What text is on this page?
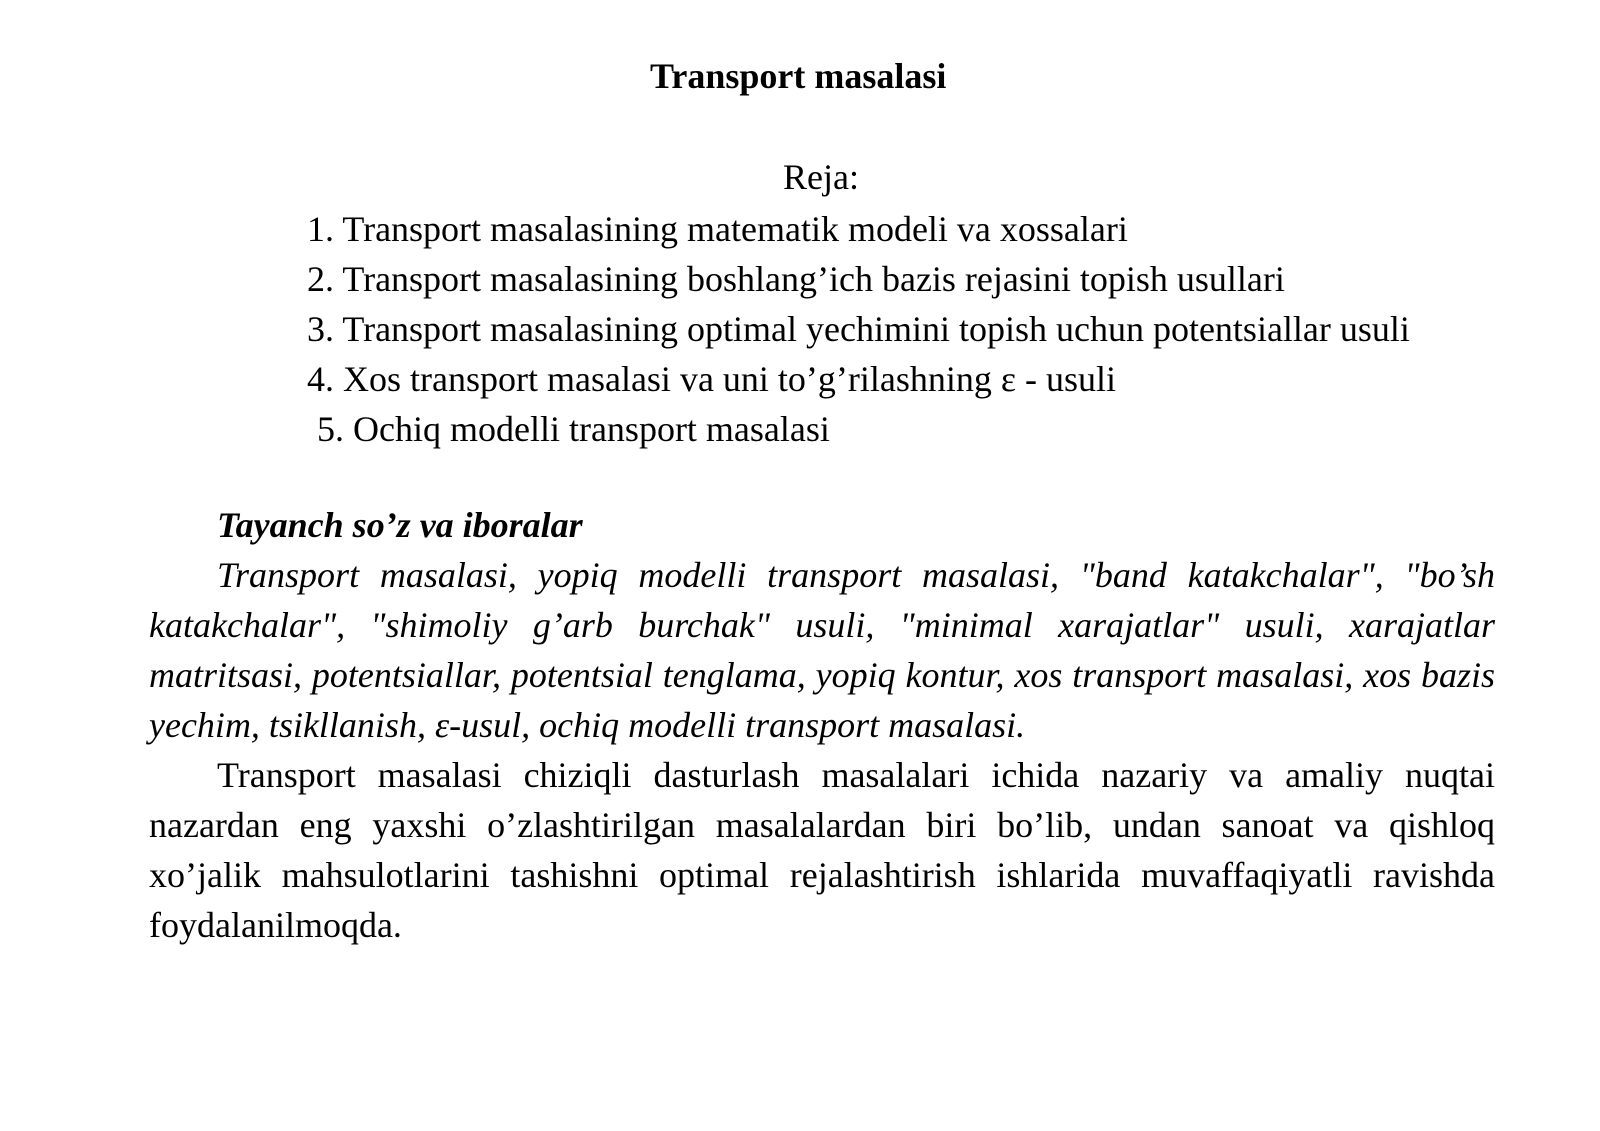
Transport masalasi

Reja:

1. Transport masalasining matematik modeli va xossalari
2. Transport masalasining boshlang’ich bazis rejasini topish usullari
3. Transport masalasining optimal yechimini topish uchun potentsiallar usuli
4. Xos transport masalasi va uni to’g’rilashning ε - usuli
5. Ochiq modelli transport masalasi

Tayanch so’z va iboralar

Transport masalasi, yopiq modelli transport masalasi, "band katakchalar", "bo’sh katakchalar", "shimoliy g’arb burchak" usuli, "minimal xarajatlar" usuli, xarajatlar matritsasi, potentsiallar, potentsial tenglama, yopiq kontur, xos transport masalasi, xos bazis yechim, tsikllanish, ε-usul, ochiq modelli transport masalasi.

Transport masalasi chiziqli dasturlash masalalari ichida nazariy va amaliy nuqtai nazardan eng yaxshi o’zlashtirilgan masalalardan biri bo’lib, undan sanoat va qishloq xo’jalik mahsulotlarini tashishni optimal rejalashtirish ishlarida muvaffaqiyatli ravishda foydalanilmoqda.
